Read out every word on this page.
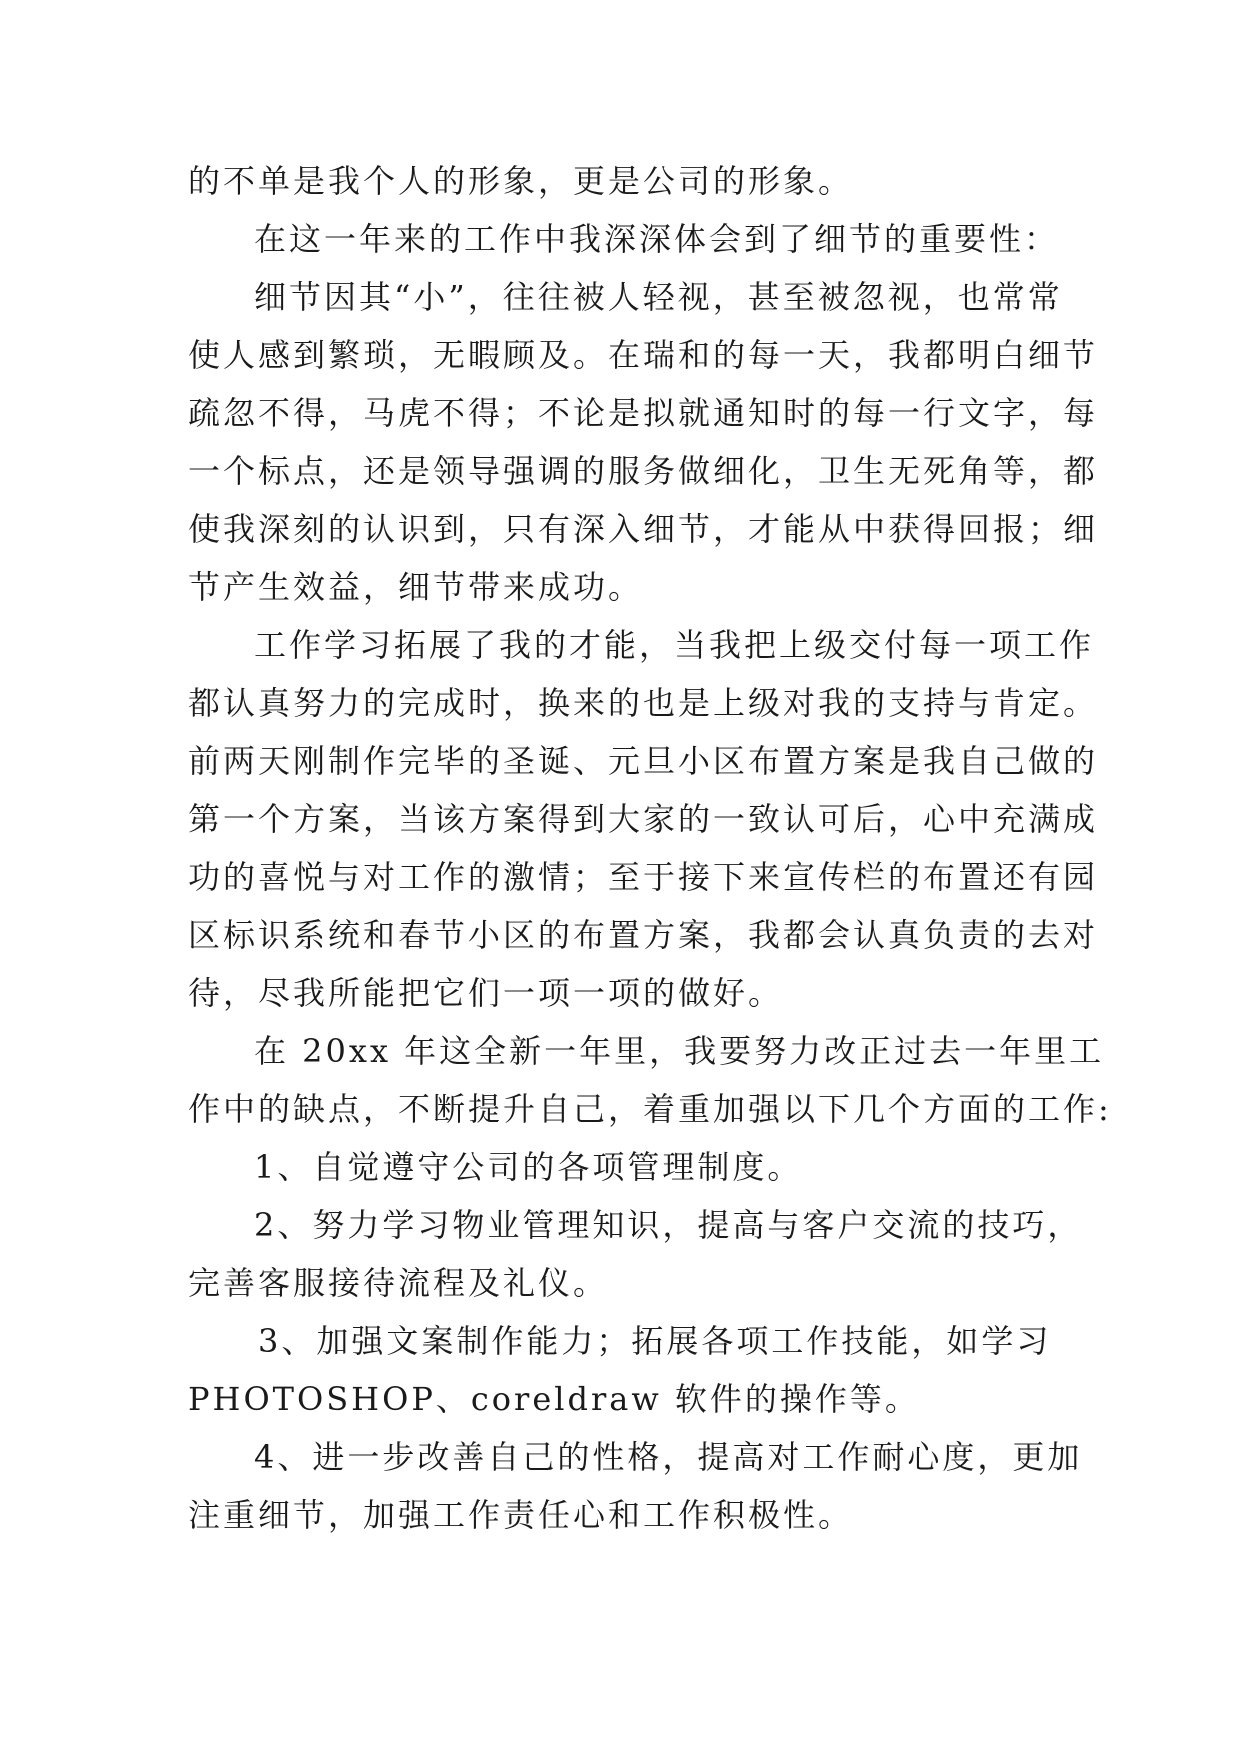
的不单是我个人的形象，更是公司的形象。
在这一年来的工作中我深深体会到了细节的重要性：
细节因其“小”，往往被人轻视，甚至被忽视，也常常
使人感到繁琐，无暇顾及。在瑞和的每一天，我都明白细节
疏忽不得，马虎不得；不论是拟就通知时的每一行文字，每
一个标点，还是领导强调的服务做细化，卫生无死角等，都
使我深刻的认识到，只有深入细节，才能从中获得回报；细
节产生效益，细节带来成功。
工作学习拓展了我的才能，当我把上级交付每一项工作
都认真努力的完成时，换来的也是上级对我的支持与肯定。
前两天刚制作完毕的圣诞、元旦小区布置方案是我自己做的
第一个方案，当该方案得到大家的一致认可后，心中充满成
功的喜悦与对工作的激情；至于接下来宣传栏的布置还有园
区标识系统和春节小区的布置方案，我都会认真负责的去对
待，尽我所能把它们一项一项的做好。
在 20xx 年这全新一年里，我要努力改正过去一年里工
作中的缺点，不断提升自己，着重加强以下几个方面的工作:
1、自觉遵守公司的各项管理制度。
2、努力学习物业管理知识，提高与客户交流的技巧，
完善客服接待流程及礼仪。
3、加强文案制作能力；拓展各项工作技能，如学习
PHOTOSHOP、coreldraw 软件的操作等。
4、进一步改善自己的性格，提高对工作耐心度，更加
注重细节，加强工作责任心和工作积极性。
